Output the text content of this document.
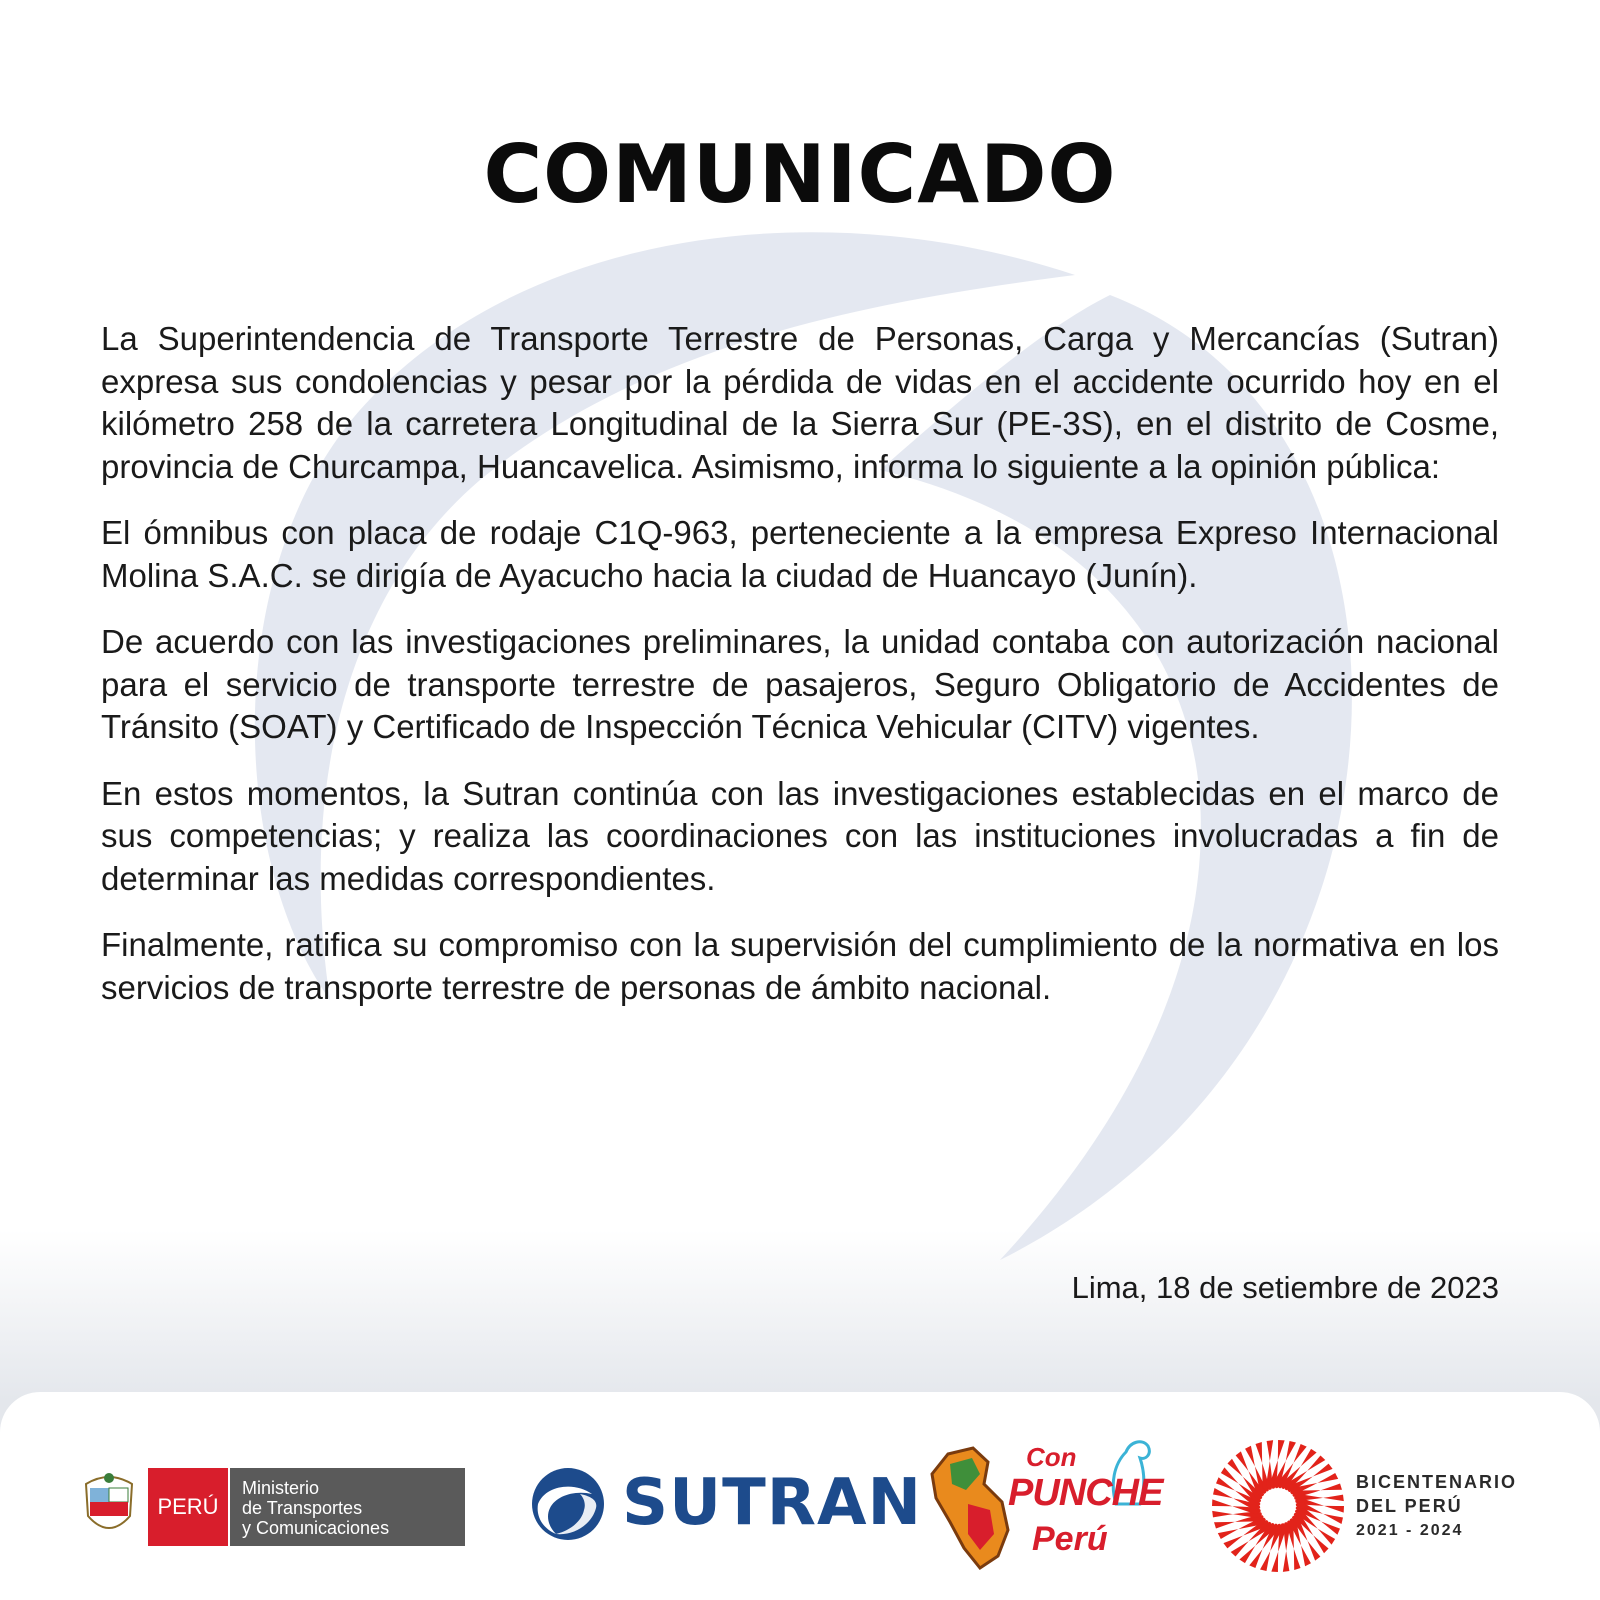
COMUNICADO

La Superintendencia de Transporte Terrestre de Personas, Carga y Mercancías (Sutran) expresa sus condolencias y pesar por la pérdida de vidas en el accidente ocurrido hoy en el kilómetro 258 de la carretera Longitudinal de la Sierra Sur (PE-3S), en el distrito de Cosme, provincia de Churcampa, Huancavelica. Asimismo, informa lo siguiente a la opinión pública:

El ómnibus con placa de rodaje C1Q-963, perteneciente a la empresa Expreso Internacional Molina S.A.C. se dirigía de Ayacucho hacia la ciudad de Huancayo (Junín).

De acuerdo con las investigaciones preliminares, la unidad contaba con autorización nacional para el servicio de transporte terrestre de pasajeros, Seguro Obligatorio de Accidentes de Tránsito (SOAT) y Certificado de Inspección Técnica Vehicular (CITV) vigentes.

En estos momentos, la Sutran continúa con las investigaciones establecidas en el marco de sus competencias; y realiza las coordinaciones con las instituciones involucradas a fin de determinar las medidas correspondientes.

Finalmente, ratifica su compromiso con la supervisión del cumplimiento de la normativa en los servicios de transporte terrestre de personas de ámbito nacional.

Lima, 18 de setiembre de 2023
PERÚ
Ministerio
de Transportes
y Comunicaciones	SUTRAN
Con
PUNCHE
Perú
BICENTENARIO
DEL PERÚ
2021 - 2024
